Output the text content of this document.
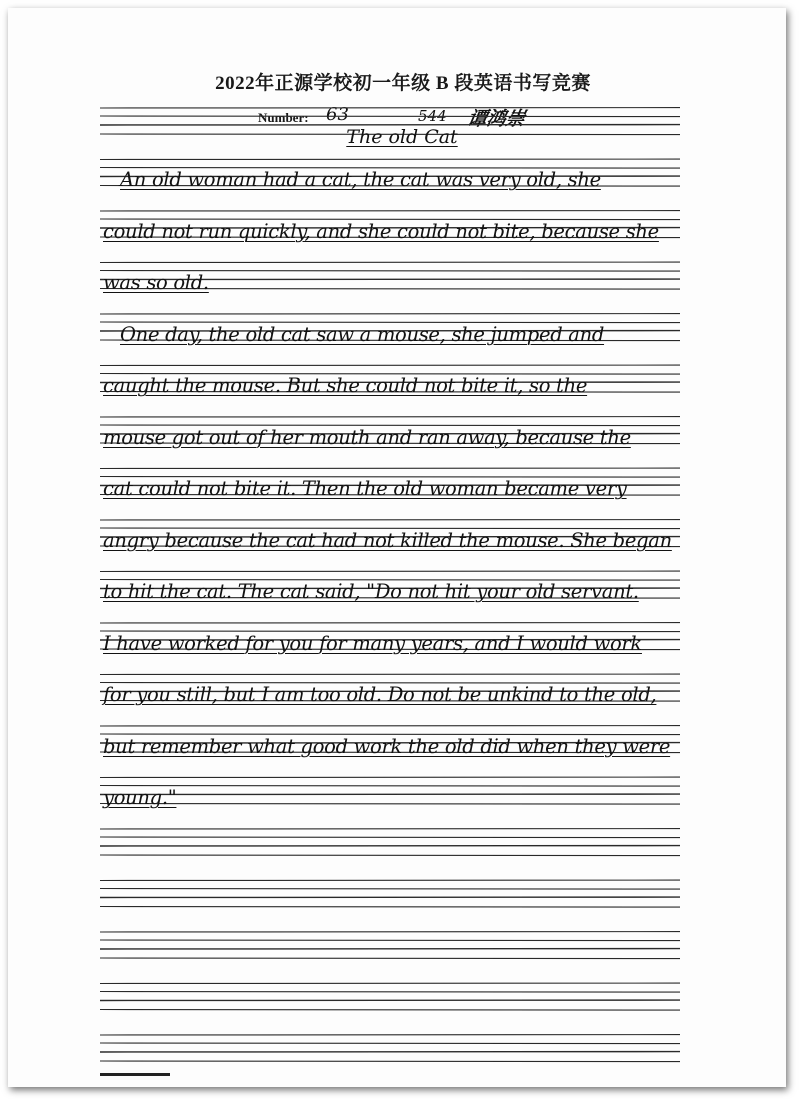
2022年正源学校初一年级 B 段英语书写竞赛
Number: 63	544 谭鸿崇
The old Cat
An old woman had a cat, the cat was very old, she
could not run quickly, and she could not bite, because she
was so old.
One day, the old cat saw a mouse, she jumped and
caught the mouse. But she could not bite it, so the
mouse got out of her mouth and ran away, because the
cat could not bite it. Then the old woman became very
angry because the cat had not killed the mouse. She began
to hit the cat. The cat said, "Do not hit your old servant.
I have worked for you for many years, and I would work
for you still, but I am too old. Do not be unkind to the old,
but remember what good work the old did when they were
young."
